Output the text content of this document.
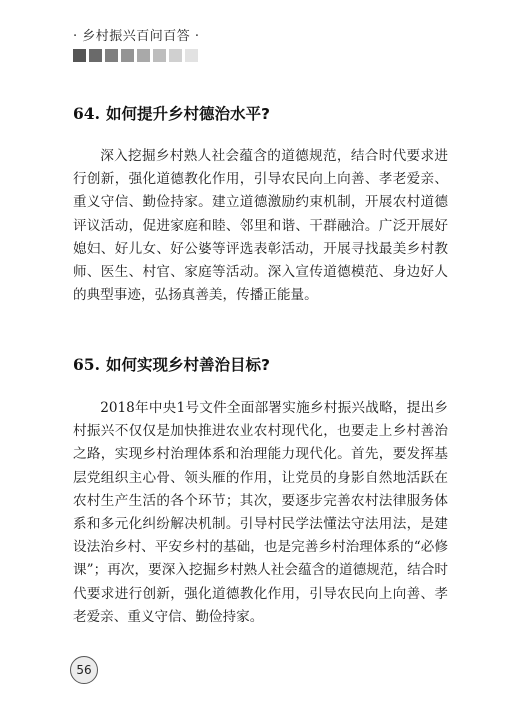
· 乡村振兴百问百答 ·
64. 如何提升乡村德治水平?

深入挖掘乡村熟人社会蕴含的道德规范，结合时代要求进行创新，强化道德教化作用，引导农民向上向善、孝老爱亲、重义守信、勤俭持家。建立道德激励约束机制，开展农村道德评议活动，促进家庭和睦、邻里和谐、干群融洽。广泛开展好媳妇、好儿女、好公婆等评选表彰活动，开展寻找最美乡村教师、医生、村官、家庭等活动。深入宣传道德模范、身边好人的典型事迹，弘扬真善美，传播正能量。

65. 如何实现乡村善治目标?

2018年中央1号文件全面部署实施乡村振兴战略，提出乡村振兴不仅仅是加快推进农业农村现代化，也要走上乡村善治之路，实现乡村治理体系和治理能力现代化。首先，要发挥基层党组织主心骨、领头雁的作用，让党员的身影自然地活跃在农村生产生活的各个环节；其次，要逐步完善农村法律服务体系和多元化纠纷解决机制。引导村民学法懂法守法用法，是建设法治乡村、平安乡村的基础，也是完善乡村治理体系的“必修课”；再次，要深入挖掘乡村熟人社会蕴含的道德规范，结合时代要求进行创新，强化道德教化作用，引导农民向上向善、孝老爱亲、重义守信、勤俭持家。

56
